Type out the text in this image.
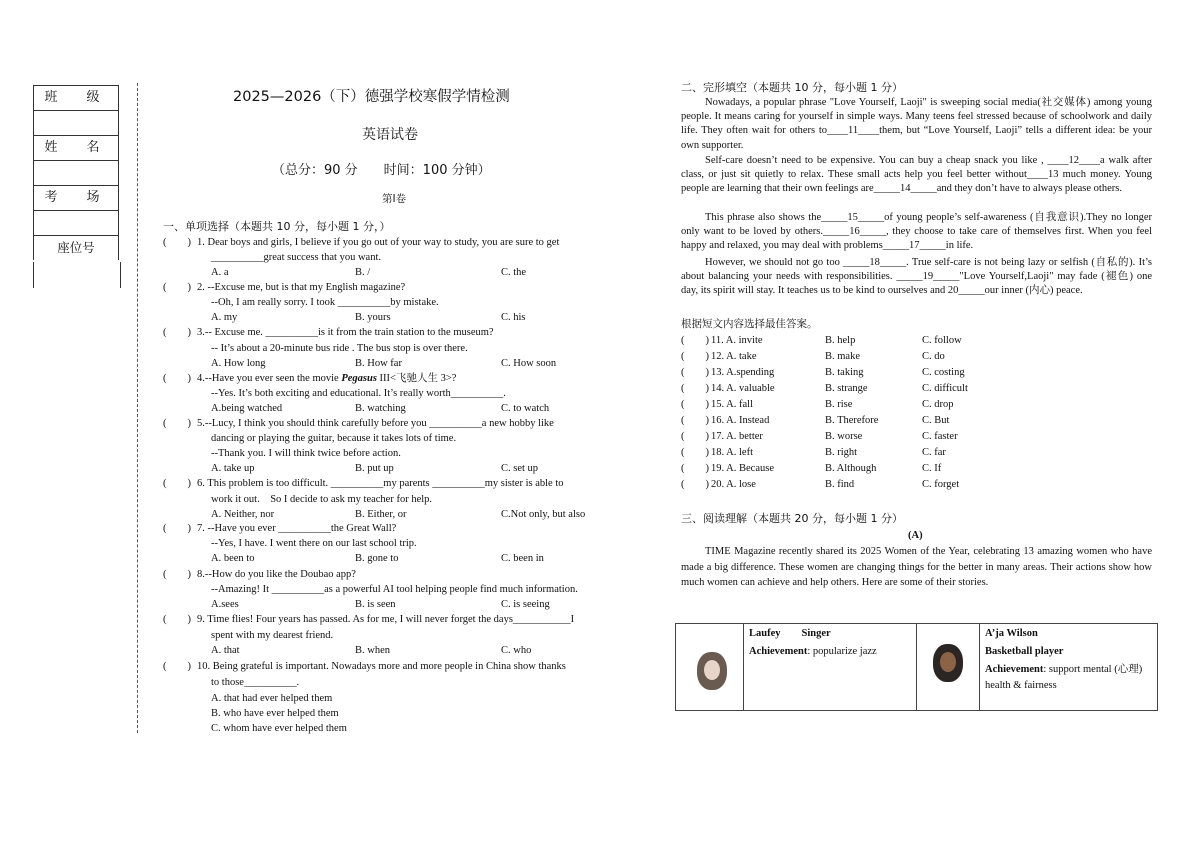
班　级
姓　名
考　场
座位号
2025—2026（下）德强学校寒假学情检测
英语试卷
（总分：90 分　　时间：100 分钟）
第Ⅰ卷
一、单项选择（本题共 10 分，每小题 1 分，）
(　　) 1. Dear boys and girls, I believe if you go out of your way to study, you are sure to get
__________great success that you want.
A. a	B. /	C. the
(　　) 2. --Excuse me, but is that my English magazine?
--Oh, I am really sorry. I took __________by mistake.
A. my	B. yours	C. his
(　　) 3.-- Excuse me. __________is it from the train station to the museum?
-- It’s about a 20-minute bus ride . The bus stop is over there.
A. How long	B. How far	C. How soon
(　　) 4.--Have you ever seen the movie Pegasus III<飞驰人生 3>?
--Yes. It’s both exciting and educational. It’s really worth__________.
A.being watched	B. watching	C. to watch
(　　) 5.--Lucy, I think you should think carefully before you __________a new hobby like
dancing or playing the guitar, because it takes lots of time.
--Thank you. I will think twice before action.
A. take up	B. put up	C. set up
(　　) 6. This problem is too difficult. __________my parents __________my sister is able to
work it out.　So I decide to ask my teacher for help.
A. Neither, nor	B. Either, or	C.Not only, but also
(　　) 7. --Have you ever __________the Great Wall?
--Yes, I have. I went there on our last school trip.
A. been to	B. gone to	C. been in
(　　) 8.--How do you like the Doubao app?
--Amazing! It __________as a powerful AI tool helping people find much information.
A.sees	B. is seen	C. is seeing
(　　) 9. Time flies! Four years has passed. As for me, I will never forget the days___________I
spent with my dearest friend.
A. that	B. when	C. who
(　　) 10. Being grateful is important. Nowadays more and more people in China show thanks
to those__________.
A. that had ever helped them
B. who have ever helped them
C. whom have ever helped them
二、完形填空（本题共 10 分，每小题 1 分）
Nowadays, a popular phrase "Love Yourself, Laoji" is sweeping social media(社交媒体) among young people. It means caring for yourself in simple ways. Many teens feel stressed because of schoolwork and daily life. They often wait for others to____11____them, but “Love Yourself, Laoji” tells a different idea: be your own supporter.
Self-care doesn’t need to be expensive. You can buy a cheap snack you like , ____12____a walk after class, or just sit quietly to relax. These small acts help you feel better without____13 much money. Young people are learning that their own feelings are_____14_____and they don’t have to always please others.
This phrase also shows the_____15_____of young people’s self-awareness (自我意识).They no longer only want to be loved by others._____16_____, they choose to take care of themselves first. When you feel happy and relaxed, you may deal with problems_____17_____in life.
However, we should not go too _____18_____. True self-care is not being lazy or selfish (自私的). It’s about balancing your needs with responsibilities. _____19_____"Love Yourself,Laoji" may fade (褪色) one day, its spirit will stay. It teaches us to be kind to ourselves and 20_____our inner (内心) peace.
根据短文内容选择最佳答案。
(　　) 11. A. invite	B. help	C. follow
(　　) 12. A. take	B. make	C. do
(　　) 13. A.spending	B. taking	C. costing
(　　) 14. A. valuable	B. strange	C. difficult
(　　) 15. A. fall	B. rise	C. drop
(　　) 16. A. Instead	B. Therefore	C. But
(　　) 17. A. better	B. worse	C. faster
(　　) 18. A. left	B. right	C. far
(　　) 19. A. Because	B. Although	C. If
(　　) 20. A. lose	B. find	C. forget
三、阅读理解（本题共 20 分，每小题 1 分）
(A)
TIME Magazine recently shared its 2025 Women of the Year, celebrating 13 amazing women who have made a big difference. These women are changing things for the better in many areas. Their actions show how much women can achieve and help others. Here are some of their stories.
Laufey　　Singer
Achievement: popularize jazz
A’ja Wilson
Basketball player
Achievement: support mental (心理) health & fairness
